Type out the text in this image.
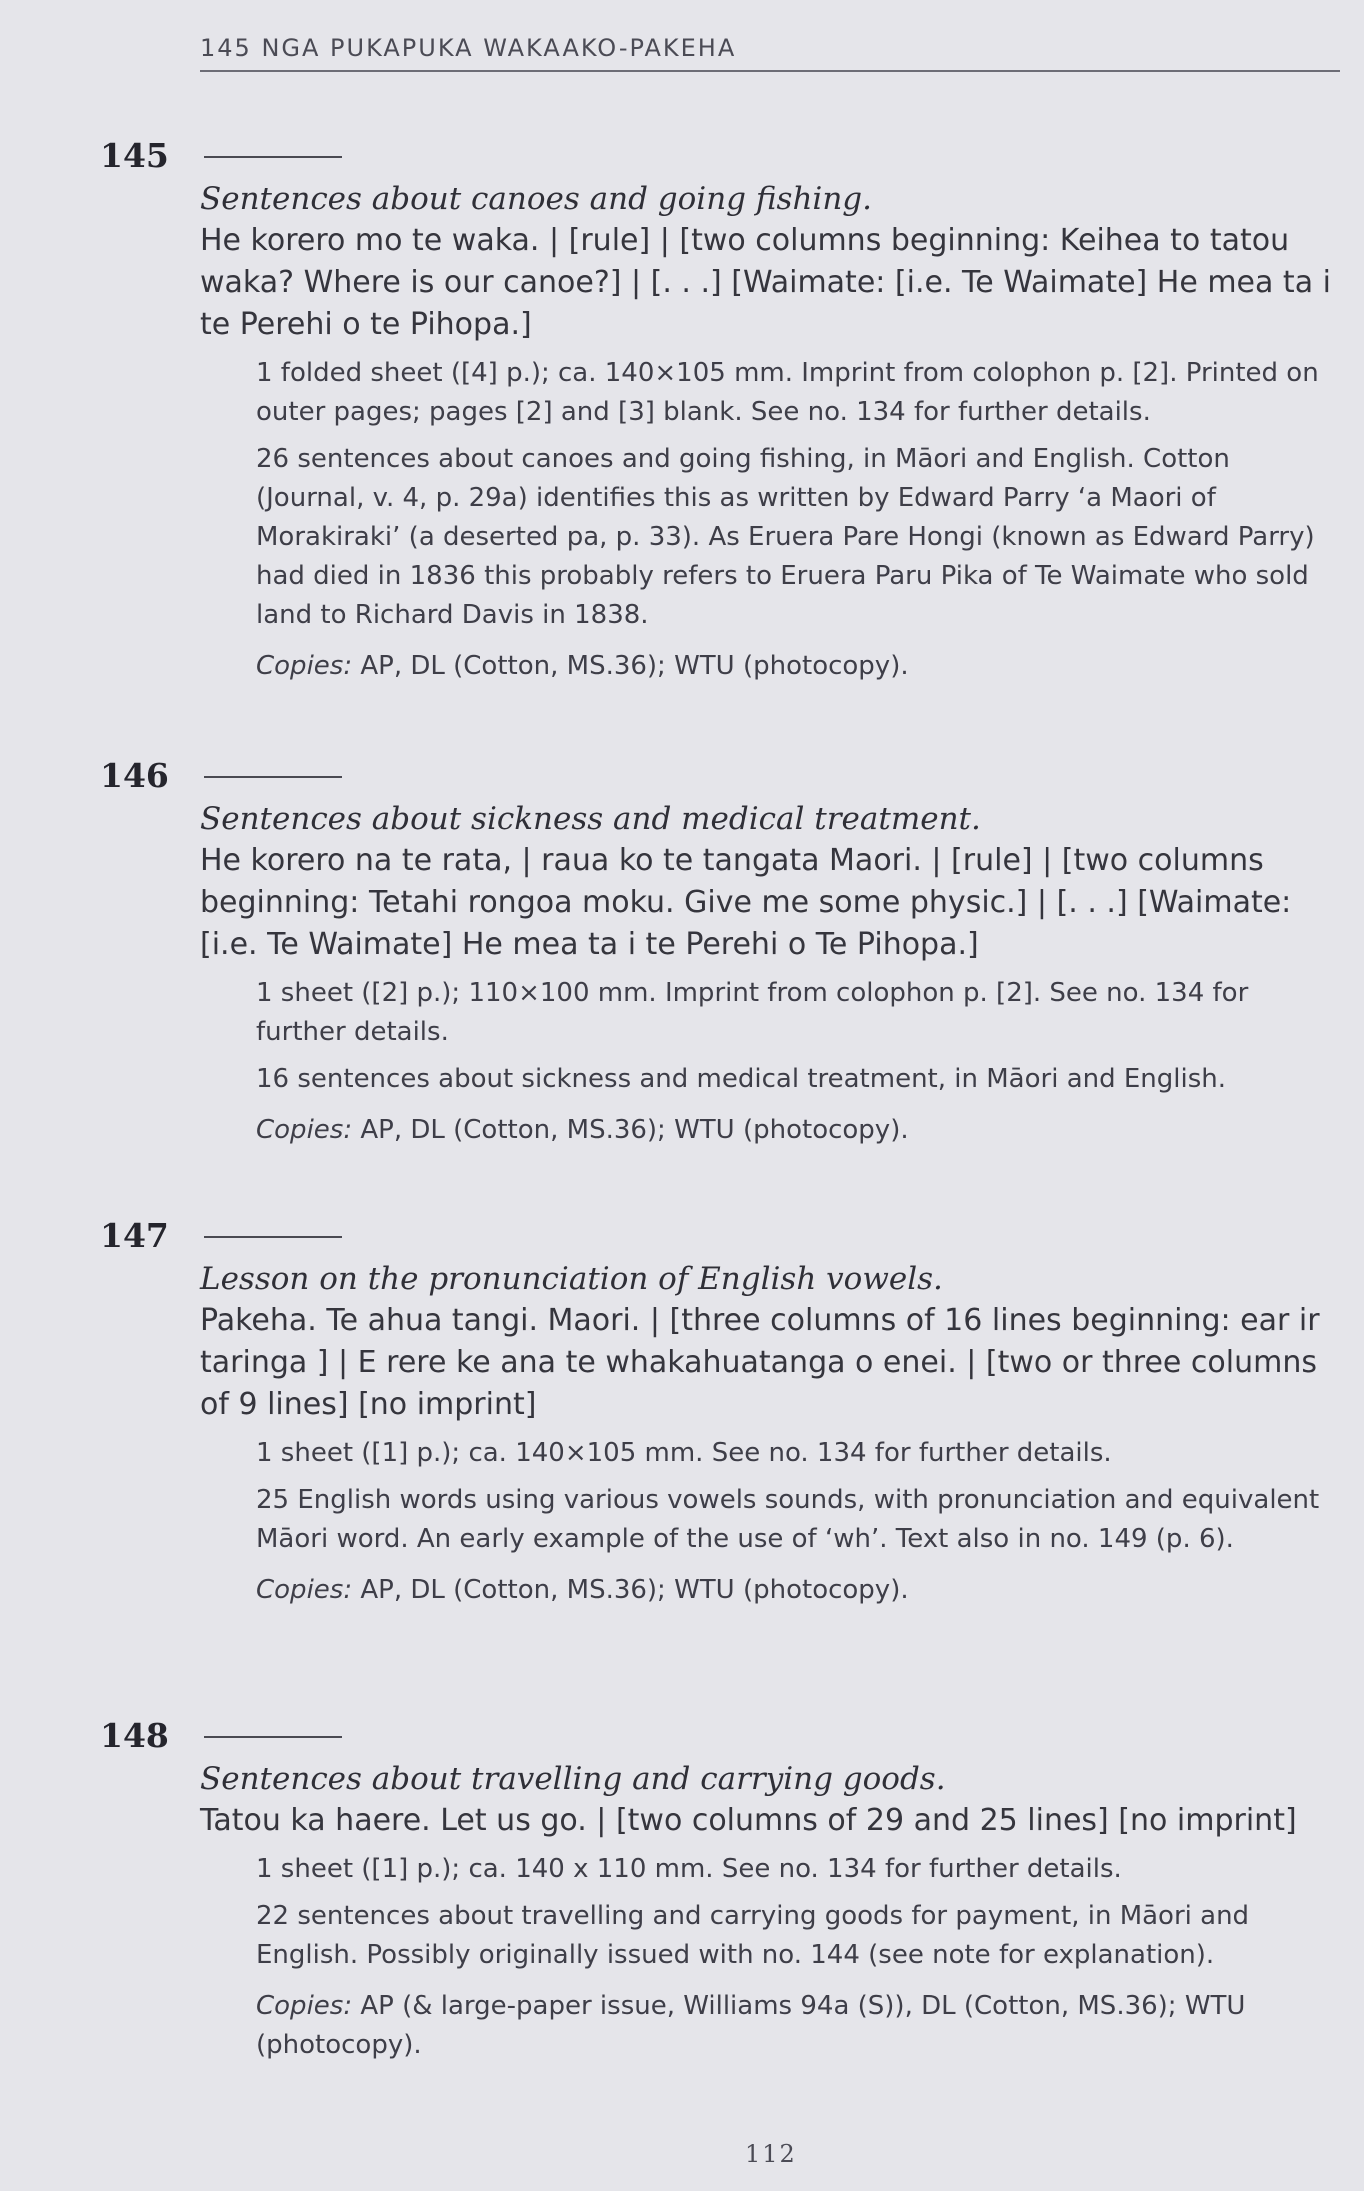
145 NGA PUKAPUKA WAKAAKO-PAKEHA
145

Sentences about canoes and going fishing.

He korero mo te waka. | [rule] | [two columns beginning: Keihea to tatou waka? Where is our canoe?] | [. . .] [Waimate: [i.e. Te Waimate] He mea ta i te Perehi o te Pihopa.]

1 folded sheet ([4] p.); ca. 140×105 mm. Imprint from colophon p. [2]. Printed on outer pages; pages [2] and [3] blank. See no. 134 for further details.

26 sentences about canoes and going fishing, in Māori and English. Cotton (Journal, v. 4, p. 29a) identifies this as written by Edward Parry ‘a Maori of Morakiraki’ (a deserted pa, p. 33). As Eruera Pare Hongi (known as Edward Parry) had died in 1836 this probably refers to Eruera Paru Pika of Te Waimate who sold land to Richard Davis in 1838.

Copies: AP, DL (Cotton, MS.36); WTU (photocopy).

146

Sentences about sickness and medical treatment.

He korero na te rata, | raua ko te tangata Maori. | [rule] | [two columns beginning: Tetahi rongoa moku. Give me some physic.] | [. . .] [Waimate: [i.e. Te Waimate] He mea ta i te Perehi o Te Pihopa.]

1 sheet ([2] p.); 110×100 mm. Imprint from colophon p. [2]. See no. 134 for further details.

16 sentences about sickness and medical treatment, in Māori and English.

Copies: AP, DL (Cotton, MS.36); WTU (photocopy).

147

Lesson on the pronunciation of English vowels.

Pakeha. Te ahua tangi. Maori. | [three columns of 16 lines beginning: ear ir taringa ] | E rere ke ana te whakahuatanga o enei. | [two or three columns of 9 lines] [no imprint]

1 sheet ([1] p.); ca. 140×105 mm. See no. 134 for further details.

25 English words using various vowels sounds, with pronunciation and equivalent Māori word. An early example of the use of ‘wh’. Text also in no. 149 (p. 6).

Copies: AP, DL (Cotton, MS.36); WTU (photocopy).

148

Sentences about travelling and carrying goods.

Tatou ka haere. Let us go. | [two columns of 29 and 25 lines] [no imprint]

1 sheet ([1] p.); ca. 140 x 110 mm. See no. 134 for further details.

22 sentences about travelling and carrying goods for payment, in Māori and English. Possibly originally issued with no. 144 (see note for explanation).

Copies: AP (& large-paper issue, Williams 94a (S)), DL (Cotton, MS.36); WTU (photocopy).

112
